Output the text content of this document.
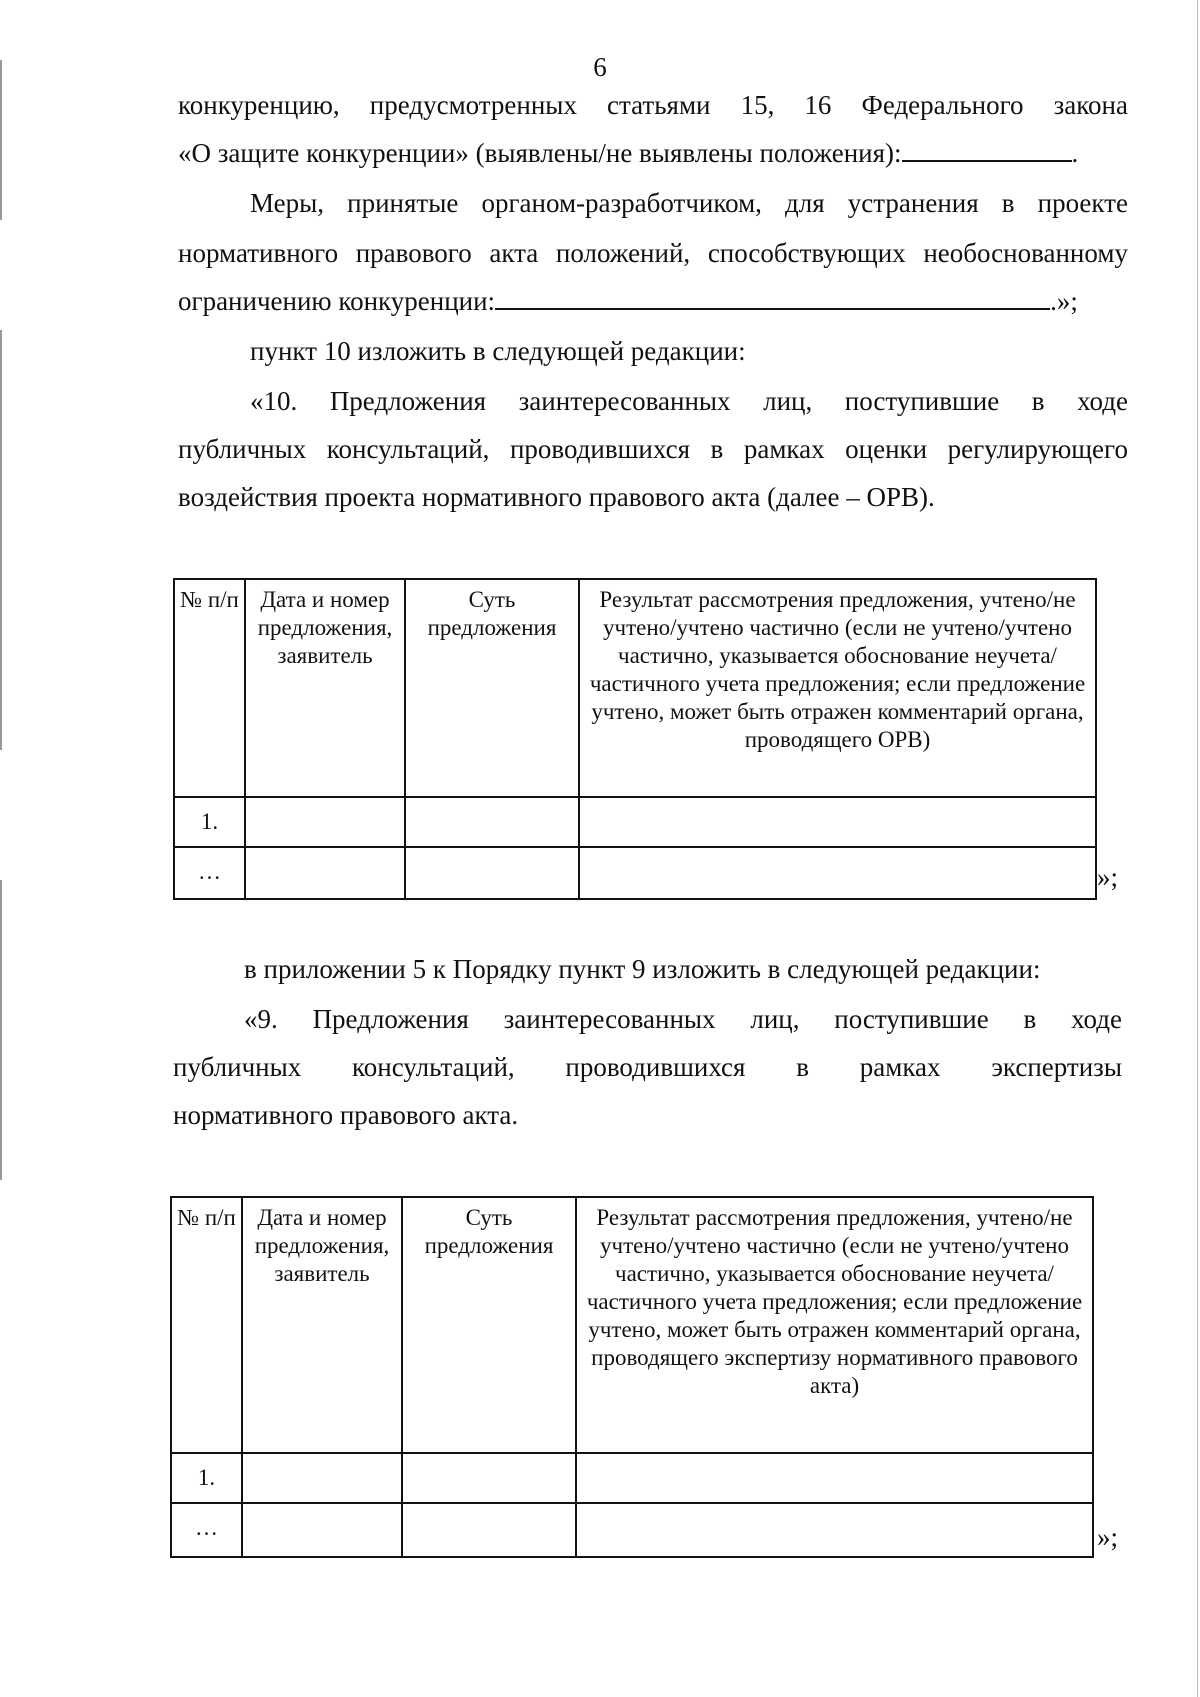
6
конкуренцию, предусмотренных статьями 15, 16 Федерального закона
«О защите конкуренции» (выявлены/не выявлены положения):	.
Меры, принятые органом-разработчиком, для устранения в проекте
нормативного правового акта положений, способствующих необоснованному
ограничению конкуренции:	.»;
пункт 10 изложить в следующей редакции:
«10. Предложения заинтересованных лиц, поступившие в ходе
публичных консультаций, проводившихся в рамках оценки регулирующего
воздействия проекта нормативного правового акта (далее – ОРВ).
№ п/п	Дата и номер предложения, заявитель	Суть предложения	Результат рассмотрения предложения, учтено/не учтено/учтено частично (если не учтено/учтено частично, указывается обоснование неучета/частичного учета предложения; если предложение учтено, может быть отражен комментарий органа, проводящего ОРВ)
1.			
…				»;
в приложении 5 к Порядку пункт 9 изложить в следующей редакции:
«9. Предложения заинтересованных лиц, поступившие в ходе
публичных консультаций, проводившихся в рамках экспертизы
нормативного правового акта.
№ п/п	Дата и номер предложения, заявитель	Суть предложения	Результат рассмотрения предложения, учтено/не учтено/учтено частично (если не учтено/учтено частично, указывается обоснование неучета/частичного учета предложения; если предложение учтено, может быть отражен комментарий органа, проводящего экспертизу нормативного правового акта)
1.			
…				»;
